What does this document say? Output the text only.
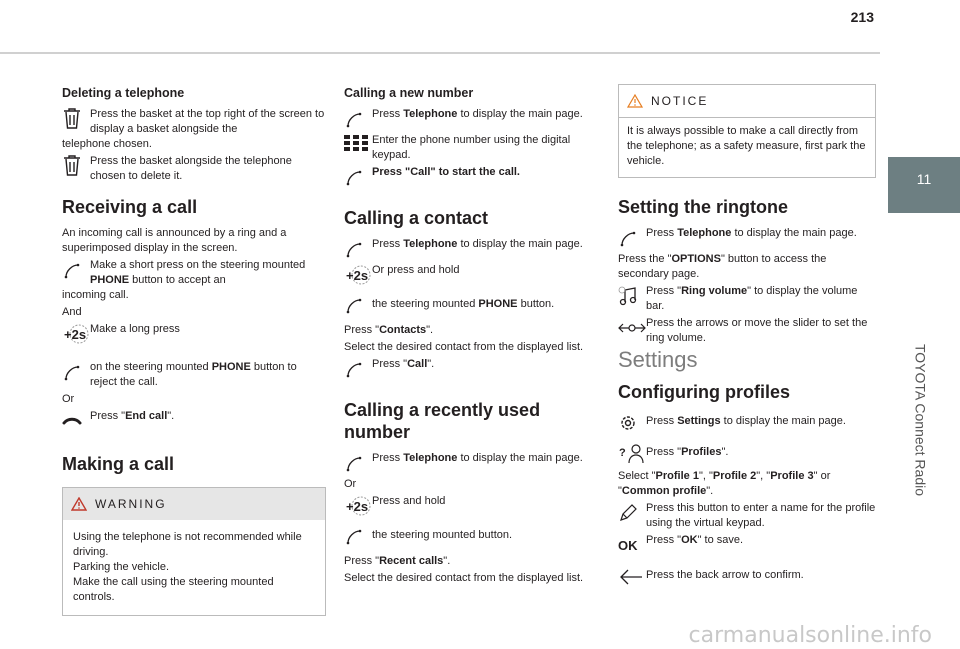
213
11
TOYOTA Connect Radio
Deleting a telephone
Press the basket at the top right of the screen to display a basket alongside the
telephone chosen.
Press the basket alongside the telephone chosen to delete it.
Receiving a call
An incoming call is announced by a ring and a superimposed display in the screen.
Make a short press on the steering mounted PHONE button to accept an
incoming call.
And
+2s Make a long press
on the steering mounted PHONE button to reject the call.
Or
Press "End call".
Making a call
WARNING
Using the telephone is not recommended while driving.
Parking the vehicle.
Make the call using the steering mounted controls.
Calling a new number
Press Telephone to display the main page.
Enter the phone number using the digital keypad.
Press "Call" to start the call.
Calling a contact
Press Telephone to display the main page.
+2s Or press and hold
the steering mounted PHONE button.
Press "Contacts".
Select the desired contact from the displayed list.
Press "Call".
Calling a recently used number
Press Telephone to display the main page.
Or
+2s Press and hold
the steering mounted button.
Press "Recent calls".
Select the desired contact from the displayed list.
NOTICE
It is always possible to make a call directly from the telephone; as a safety measure, first park the vehicle.
Setting the ringtone
Press Telephone to display the main page.
Press the "OPTIONS" button to access the secondary page.
Press "Ring volume" to display the volume bar.
Press the arrows or move the slider to set the ring volume.
Settings
Configuring profiles
Press Settings to display the main page.
? Press "Profiles".
Select "Profile 1", "Profile 2", "Profile 3" or "Common profile".
Press this button to enter a name for the profile using the virtual keypad.
OK Press "OK" to save.
Press the back arrow to confirm.
carmanualsonline.info
